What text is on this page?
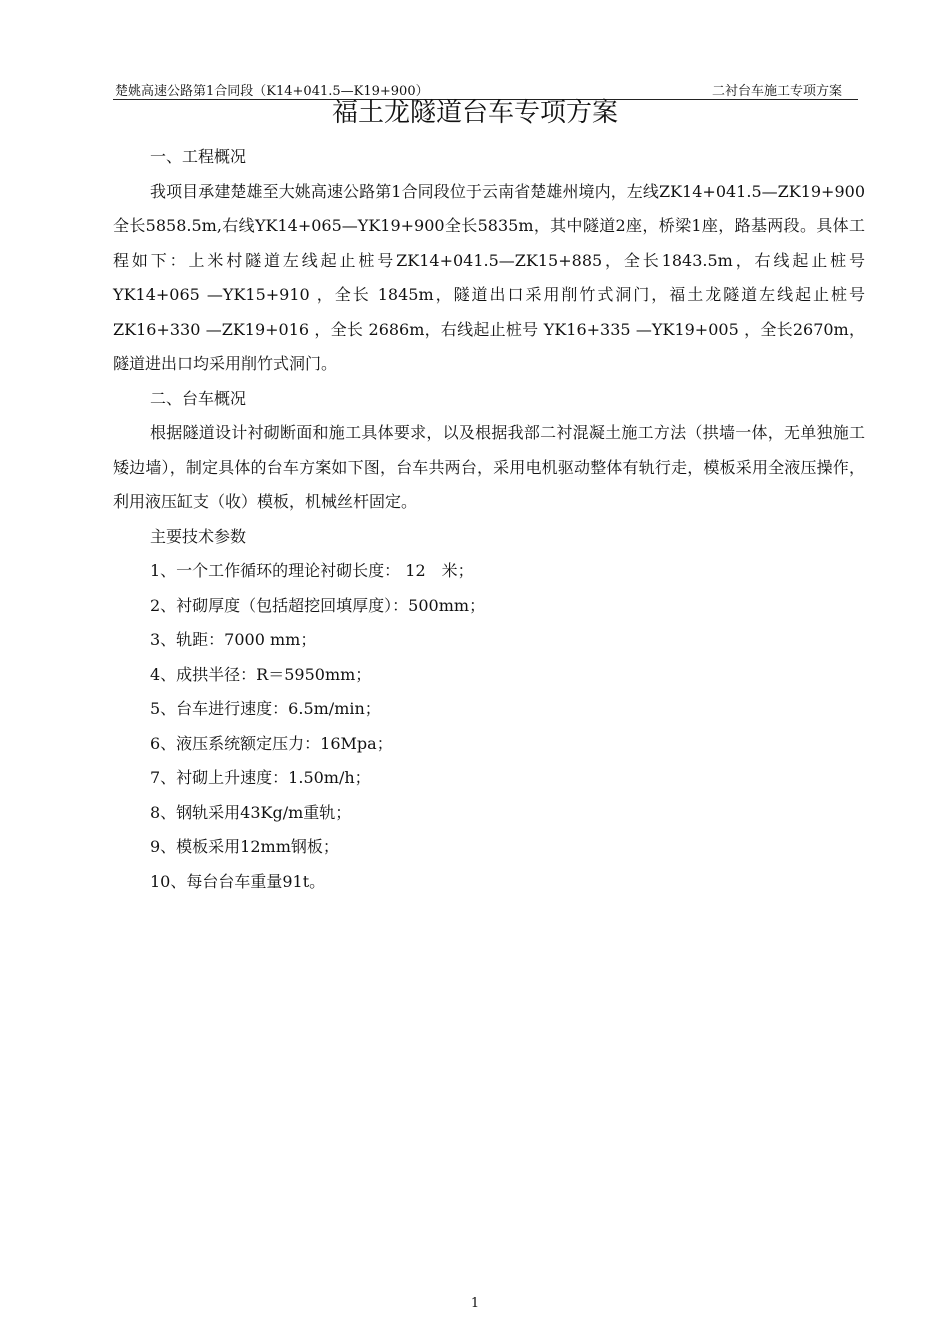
楚姚高速公路第1合同段（K14+041.5—K19+900）	二衬台车施工专项方案
福土龙隧道台车专项方案

一、工程概况

我项目承建楚雄至大姚高速公路第1合同段位于云南省楚雄州境内，左线ZK14+041.5—ZK19+900全长5858.5m,右线YK14+065—YK19+900全长5835m，其中隧道2座，桥梁1座，路基两段。具体工程如下：上米村隧道左线起止桩号ZK14+041.5—ZK15+885，全长1843.5m，右线起止桩号 YK14+065 —YK15+910 ，全长 1845m，隧道出口采用削竹式洞门，福土龙隧道左线起止桩号 ZK16+330 —ZK19+016 ，全长 2686m，右线起止桩号 YK16+335 —YK19+005 ，全长2670m，隧道进出口均采用削竹式洞门。

二、台车概况

根据隧道设计衬砌断面和施工具体要求，以及根据我部二衬混凝土施工方法（拱墙一体，无单独施工矮边墙），制定具体的台车方案如下图，台车共两台，采用电机驱动整体有轨行走，模板采用全液压操作，利用液压缸支（收）模板，机械丝杆固定。

主要技术参数

1、一个工作循环的理论衬砌长度： 12　米；

2、衬砌厚度（包括超挖回填厚度）：500mm；

3、轨距：7000 mm；

4、成拱半径：R＝5950mm；

5、台车进行速度：6.5m/min；

6、液压系统额定压力：16Mpa；

7、衬砌上升速度：1.50m/h；

8、钢轨采用43Kg/m重轨；

9、模板采用12mm钢板；

10、每台台车重量91t。

1
